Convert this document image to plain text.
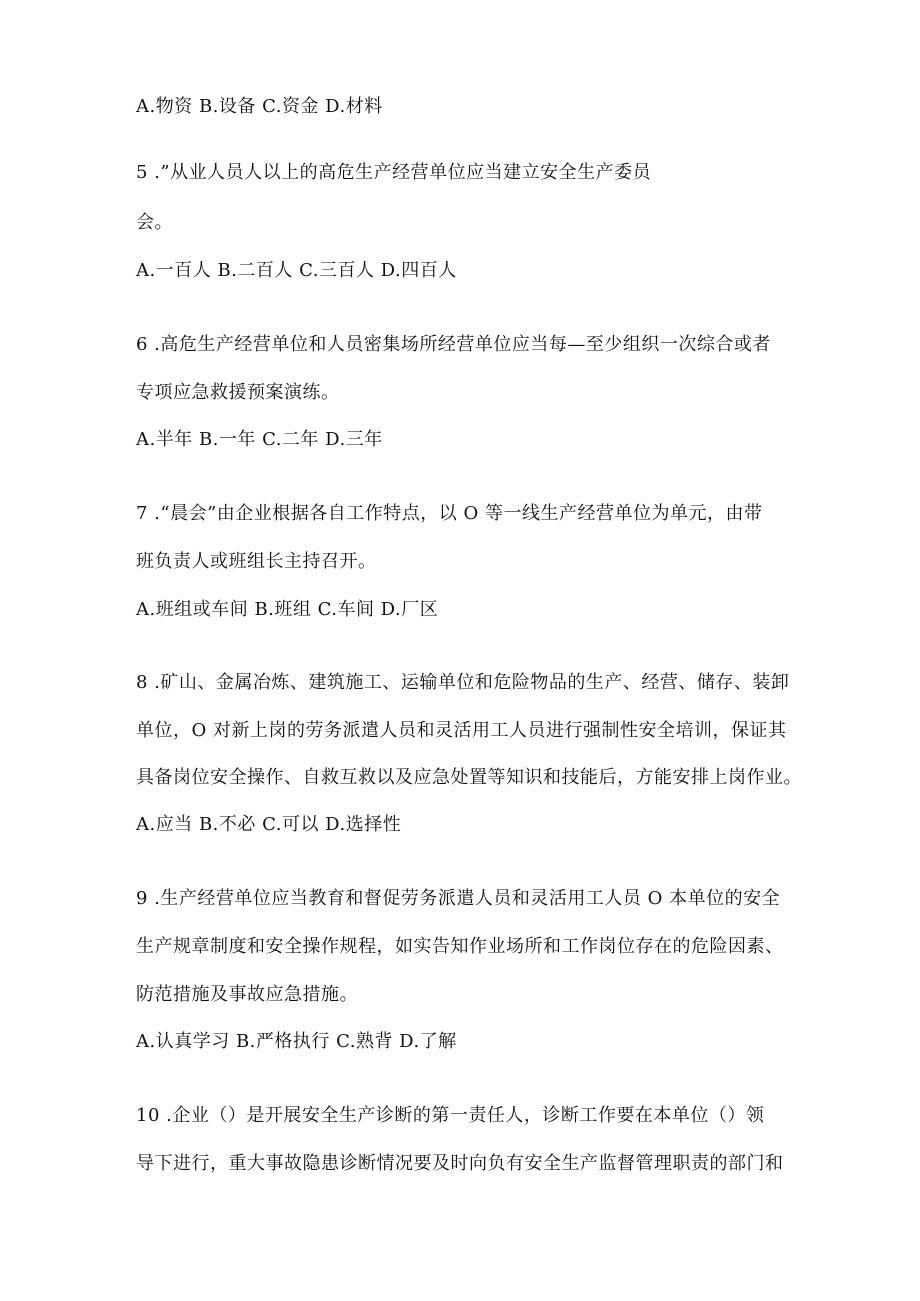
A.物资 B.设备 C.资金 D.材料
5 .”从业人员人以上的高危生产经营单位应当建立安全生产委员
会。
A.一百人 B.二百人 C.三百人 D.四百人
6 .高危生产经营单位和人员密集场所经营单位应当每—至少组织一次综合或者
专项应急救援预案演练。
A.半年 B.一年 C.二年 D.三年
7 .“晨会”由企业根据各自工作特点，以 O 等一线生产经营单位为单元，由带
班负责人或班组长主持召开。
A.班组或车间 B.班组 C.车间 D.厂区
8 .矿山、金属冶炼、建筑施工、运输单位和危险物品的生产、经营、储存、装卸
单位，O 对新上岗的劳务派遣人员和灵活用工人员进行强制性安全培训，保证其
具备岗位安全操作、自救互救以及应急处置等知识和技能后，方能安排上岗作业。
A.应当 B.不必 C.可以 D.选择性
9 .生产经营单位应当教育和督促劳务派遣人员和灵活用工人员 O 本单位的安全
生产规章制度和安全操作规程，如实告知作业场所和工作岗位存在的危险因素、
防范措施及事故应急措施。
A.认真学习 B.严格执行 C.熟背 D.了解
10 .企业（）是开展安全生产诊断的第一责任人，诊断工作要在本单位（）领
导下进行，重大事故隐患诊断情况要及时向负有安全生产监督管理职责的部门和
